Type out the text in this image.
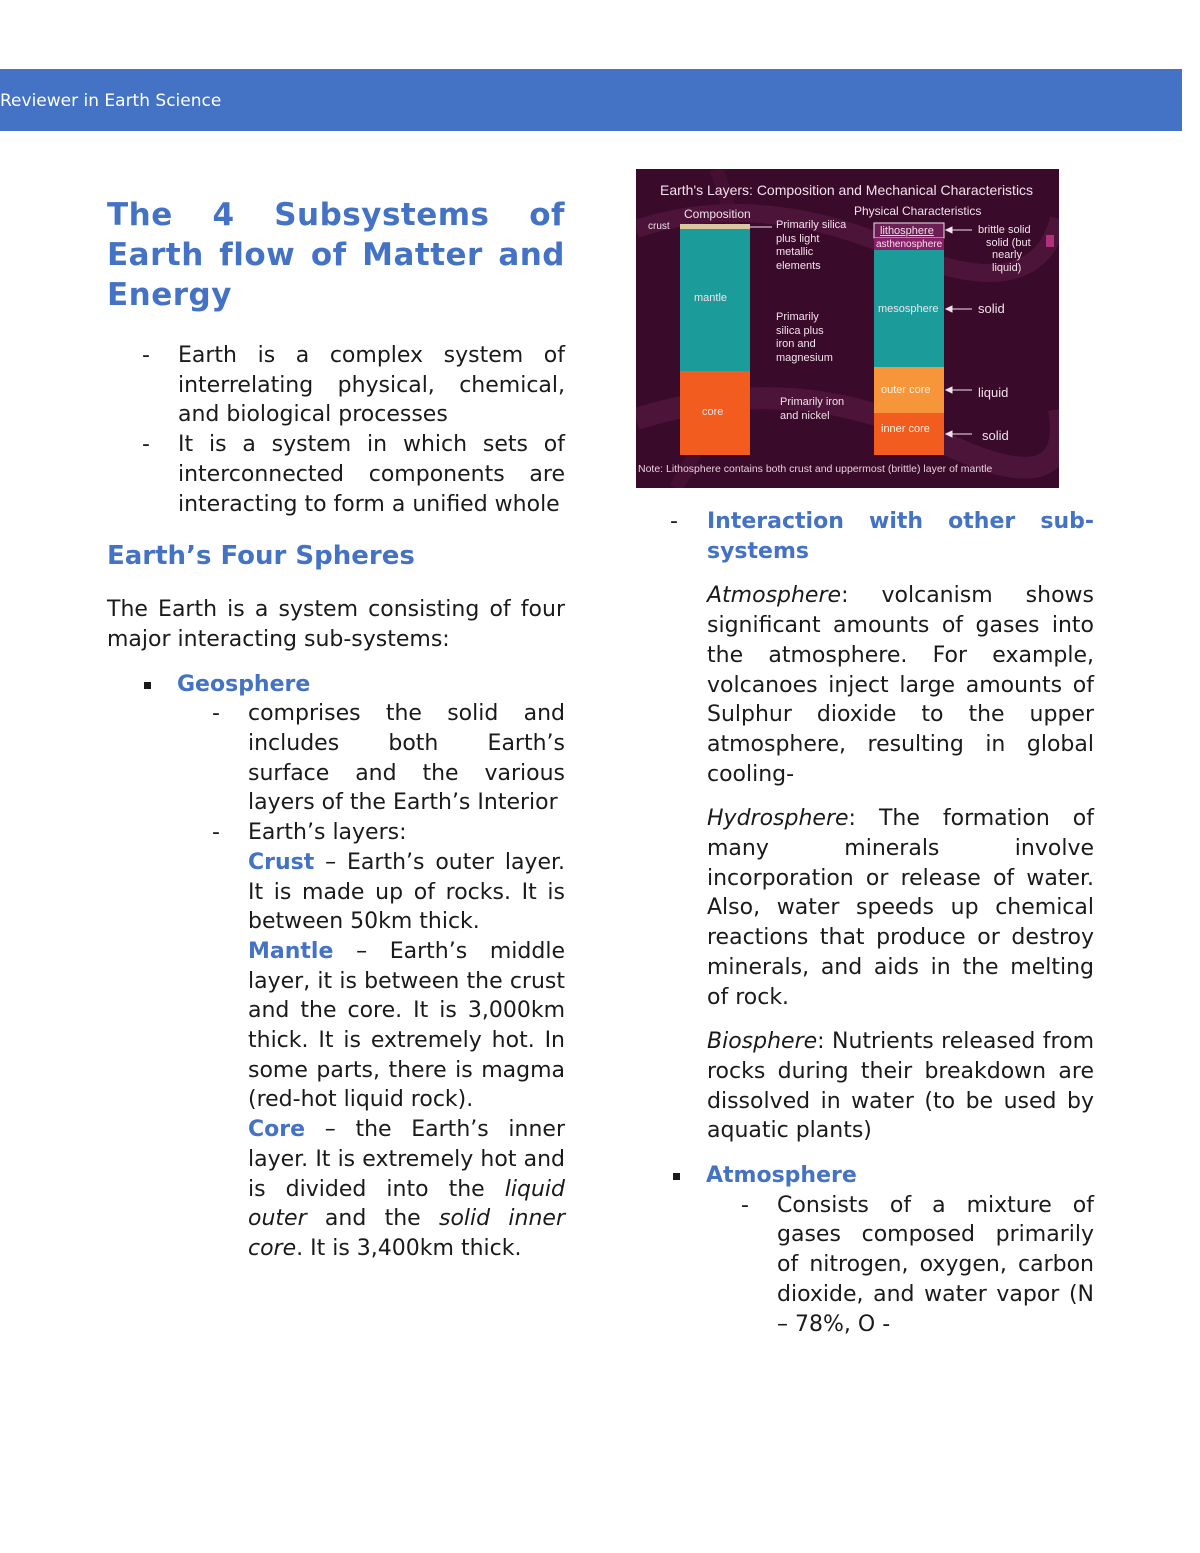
Reviewer in Earth Science
The 4 Subsystems of Earth flow of Matter and Energy
- Earth is a complex system of interrelating physical, chemical, and biological processes
- It is a system in which sets of interconnected components are interacting to form a unified whole
Earth’s Four Spheres

The Earth is a system consisting of four major interacting sub-systems:

Geosphere
- comprises the solid and includes both Earth’s surface and the various layers of the Earth’s Interior
- Earth’s layers:
Crust – Earth’s outer layer. It is made up of rocks. It is between 50km thick.
Mantle – Earth’s middle layer, it is between the crust and the core. It is 3,000km thick. It is extremely hot. In some parts, there is magma (red-hot liquid rock).
Core – the Earth’s inner layer. It is extremely hot and is divided into the liquid outer and the solid inner core. It is 3,400km thick.
Earth's Layers: Composition and Mechanical Characteristics
Composition	Physical Characteristics
crust
mantle
core
Primarily silica
plus light
metallic
elements
Primarily
silica plus
iron and
magnesium
Primarily iron
and nickel
lithosphere
asthenosphere
mesosphere
outer core
inner core
brittle solid
solid (but
nearly
liquid)
solid
liquid
solid
Note: Lithosphere contains both crust and uppermost (brittle) layer of mantle
- Interaction with other sub-systems

Atmosphere: volcanism shows significant amounts of gases into the atmosphere. For example, volcanoes inject large amounts of Sulphur dioxide to the upper atmosphere, resulting in global cooling-

Hydrosphere: The formation of many minerals involve incorporation or release of water. Also, water speeds up chemical reactions that produce or destroy minerals, and aids in the melting of rock.

Biosphere: Nutrients released from rocks during their breakdown are dissolved in water (to be used by aquatic plants)

Atmosphere
- Consists of a mixture of gases composed primarily of nitrogen, oxygen, carbon dioxide, and water vapor (N – 78%, O -
